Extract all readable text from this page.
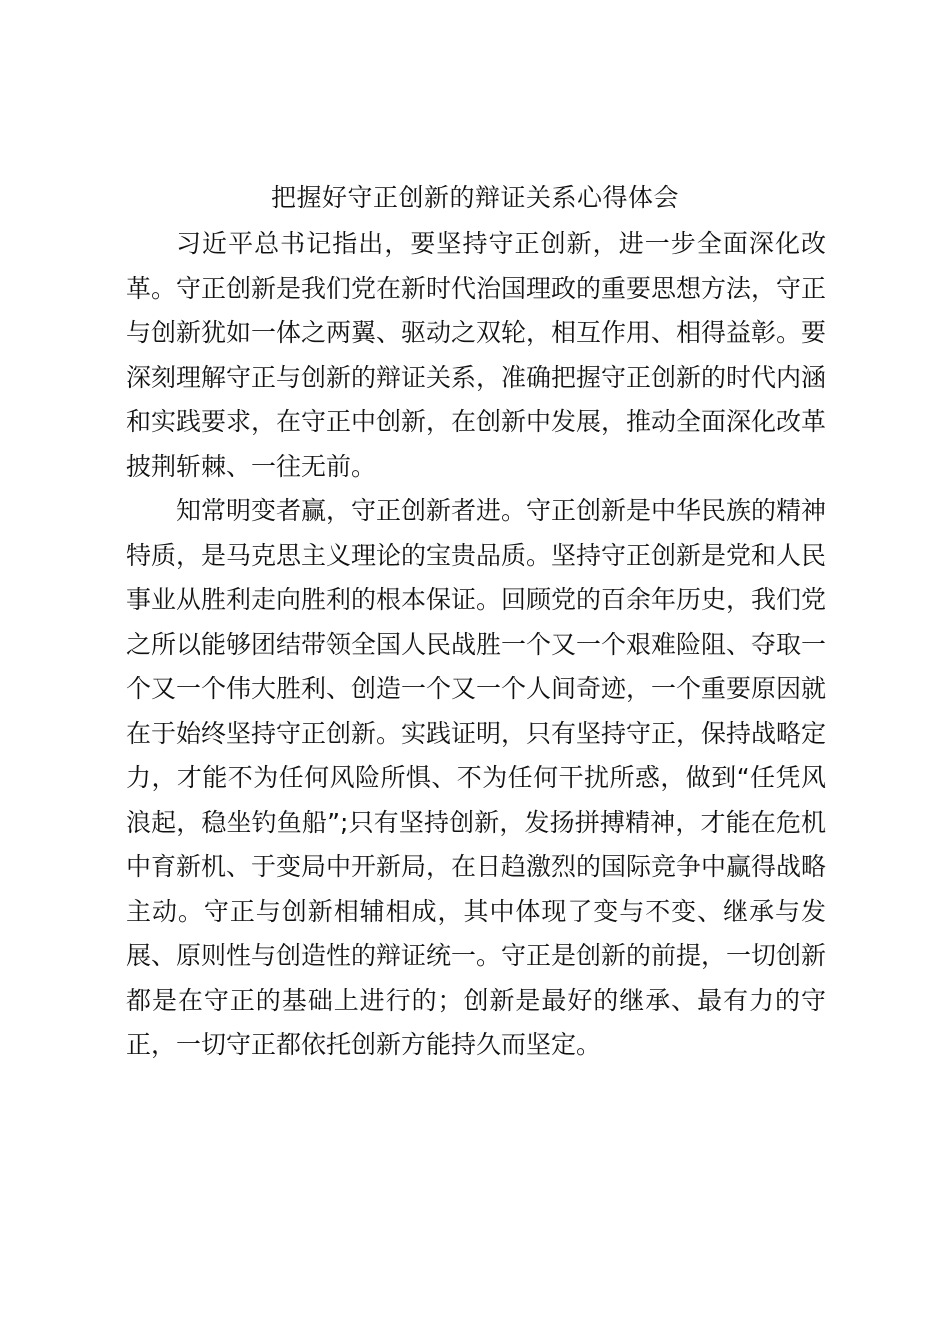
把握好守正创新的辩证关系心得体会

习近平总书记指出，要坚持守正创新，进一步全面深化改革。守正创新是我们党在新时代治国理政的重要思想方法，守正与创新犹如一体之两翼、驱动之双轮，相互作用、相得益彰。要深刻理解守正与创新的辩证关系，准确把握守正创新的时代内涵和实践要求，在守正中创新，在创新中发展，推动全面深化改革披荆斩棘、一往无前。

知常明变者赢，守正创新者进。守正创新是中华民族的精神特质，是马克思主义理论的宝贵品质。坚持守正创新是党和人民事业从胜利走向胜利的根本保证。回顾党的百余年历史，我们党之所以能够团结带领全国人民战胜一个又一个艰难险阻、夺取一个又一个伟大胜利、创造一个又一个人间奇迹，一个重要原因就在于始终坚持守正创新。实践证明，只有坚持守正，保持战略定力，才能不为任何风险所惧、不为任何干扰所惑，做到“任凭风浪起，稳坐钓鱼船”;只有坚持创新，发扬拼搏精神，才能在危机中育新机、于变局中开新局，在日趋激烈的国际竞争中赢得战略主动。守正与创新相辅相成，其中体现了变与不变、继承与发展、原则性与创造性的辩证统一。守正是创新的前提，一切创新都是在守正的基础上进行的；创新是最好的继承、最有力的守正，一切守正都依托创新方能持久而坚定。
